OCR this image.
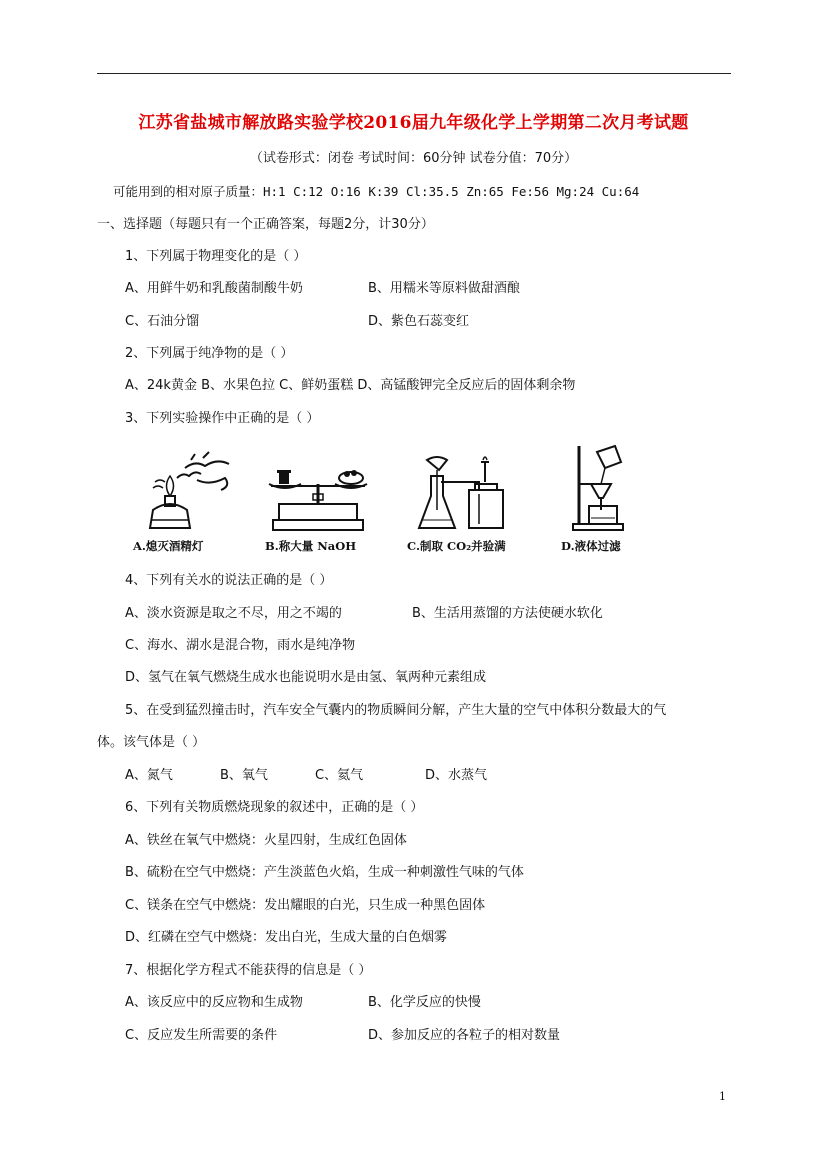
江苏省盐城市解放路实验学校2016届九年级化学上学期第二次月考试题
（试卷形式：闭卷 考试时间：60分钟 试卷分值：70分）
可能用到的相对原子质量：H:1 C:12 O:16 K:39 Cl:35.5 Zn:65 Fe:56 Mg:24 Cu:64
一、选择题（每题只有一个正确答案，每题2分，计30分）
1、下列属于物理变化的是（ ）
A、用鲜牛奶和乳酸菌制酸牛奶	B、用糯米等原料做甜酒酿
C、石油分馏	D、紫色石蕊变红
2、下列属于纯净物的是（ ）
A、24k黄金 B、水果色拉 C、鲜奶蛋糕 D、高锰酸钾完全反应后的固体剩余物
3、下列实验操作中正确的是（ ）
A.熄灭酒精灯	B.称大量 NaOH	C.制取 CO₂并验满	D.液体过滤
4、下列有关水的说法正确的是（ ）
A、淡水资源是取之不尽，用之不竭的	B、生活用蒸馏的方法使硬水软化
C、海水、湖水是混合物，雨水是纯净物
D、氢气在氧气燃烧生成水也能说明水是由氢、氧两种元素组成
5、在受到猛烈撞击时，汽车安全气囊内的物质瞬间分解，产生大量的空气中体积分数最大的气
体。该气体是（ ）
A、氮气	B、氧气	C、氦气	D、水蒸气
6、下列有关物质燃烧现象的叙述中，正确的是（ ）
A、铁丝在氧气中燃烧：火星四射，生成红色固体
B、硫粉在空气中燃烧：产生淡蓝色火焰，生成一种刺激性气味的气体
C、镁条在空气中燃烧：发出耀眼的白光，只生成一种黑色固体
D、红磷在空气中燃烧：发出白光，生成大量的白色烟雾
7、根据化学方程式不能获得的信息是（ ）
A、该反应中的反应物和生成物	B、化学反应的快慢
C、反应发生所需要的条件	D、参加反应的各粒子的相对数量
1
